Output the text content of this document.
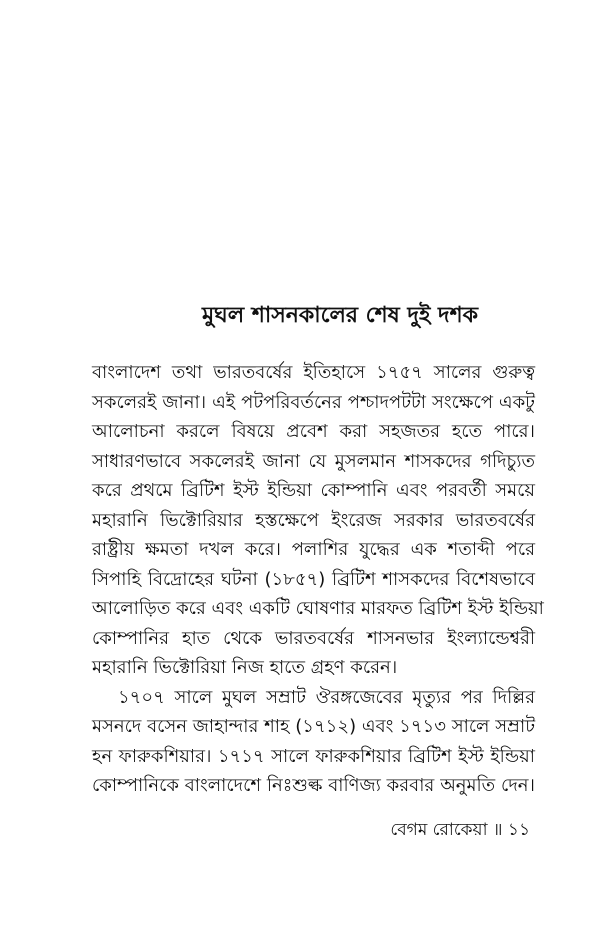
মুঘল শাসনকালের শেষ দুই দশক
বাংলাদেশ তথা ভারতবর্ষের ইতিহাসে ১৭৫৭ সালের গুরুত্ব
সকলেরই জানা। এই পটপরিবর্তনের পশ্চাদপটটা সংক্ষেপে একটু
আলোচনা করলে বিষয়ে প্রবেশ করা সহজতর হতে পারে।
সাধারণভাবে সকলেরই জানা যে মুসলমান শাসকদের গদিচ্যুত
করে প্রথমে ব্রিটিশ ইস্ট ইন্ডিয়া কোম্পানি এবং পরবর্তী সময়ে
মহারানি ভিক্টোরিয়ার হস্তক্ষেপে ইংরেজ সরকার ভারতবর্ষের
রাষ্ট্রীয় ক্ষমতা দখল করে। পলাশির যুদ্ধের এক শতাব্দী পরে
সিপাহি বিদ্রোহের ঘটনা (১৮৫৭) ব্রিটিশ শাসকদের বিশেষভাবে
আলোড়িত করে এবং একটি ঘোষণার মারফত ব্রিটিশ ইস্ট ইন্ডিয়া
কোম্পানির হাত থেকে ভারতবর্ষের শাসনভার ইংল্যান্ডেশ্বরী
মহারানি ভিক্টোরিয়া নিজ হাতে গ্রহণ করেন।
১৭০৭ সালে মুঘল সম্রাট ঔরঙ্গজেবের মৃত্যুর পর দিল্লির
মসনদে বসেন জাহান্দার শাহ (১৭১২) এবং ১৭১৩ সালে সম্রাট
হন ফারুকশিয়ার। ১৭১৭ সালে ফারুকশিয়ার ব্রিটিশ ইস্ট ইন্ডিয়া
কোম্পানিকে বাংলাদেশে নিঃশুল্ক বাণিজ্য করবার অনুমতি দেন।
বেগম রোকেয়া ॥ ১১
